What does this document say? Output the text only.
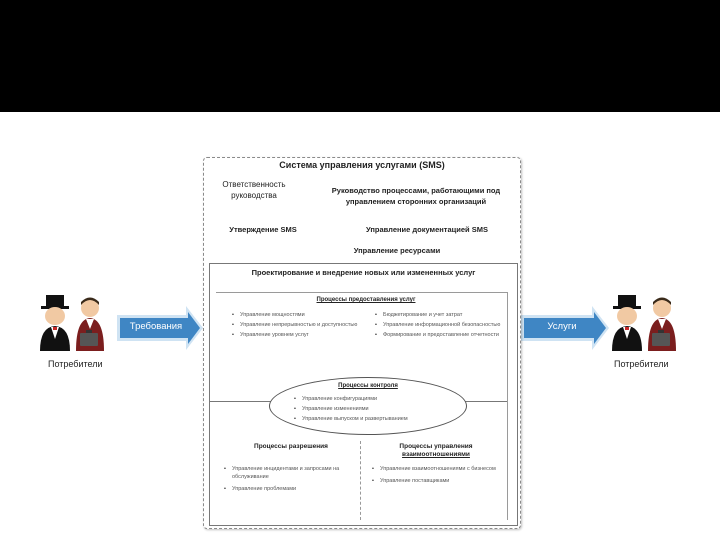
Потребители
Требования	Услуги
Потребители
Система управления услугами (SMS)
Ответственность руководства
Руководство процессами, работающими под управлением сторонних организаций
Утверждение SMS	Управление документацией SMS
Управление ресурсами
Проектирование и внедрение новых или измененных услуг
Процессы предоставления услуг
• Управление мощностями
• Управление непрерывностью и доступностью
• Управление уровнем услуг
• Бюджетирование и учет затрат
• Управление информационной безопасностью
• Формирование и предоставление отчетности
Процессы контроля
• Управление конфигурациями
• Управление изменениями
• Управление выпуском и развертыванием
Процессы разрешения	Процессы управления
взаимоотношениями
• Управление инцидентами и запросами на обслуживание
• Управление проблемами
• Управление взаимоотношениями с бизнесом
• Управление поставщиками
